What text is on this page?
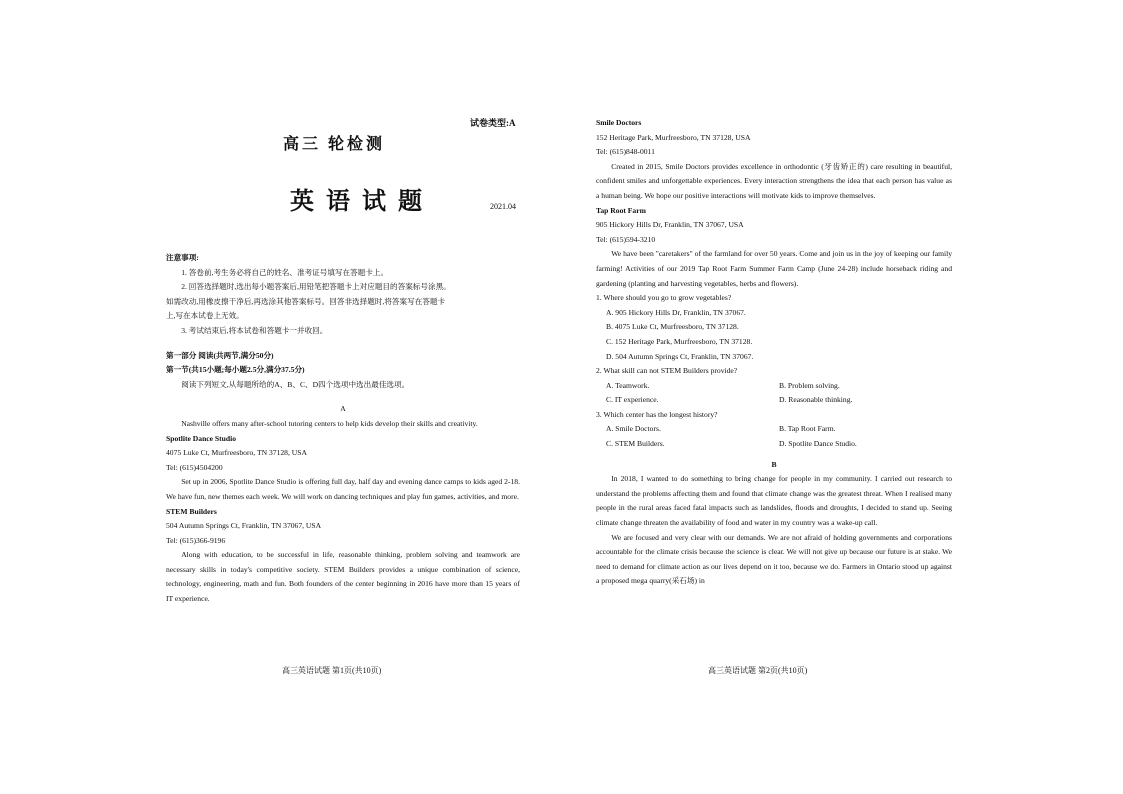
试卷类型:A
高三 轮检测
英语试题	2021.04

注意事项:

1. 答卷前,考生务必将自己的姓名、准考证号填写在答题卡上。

2. 回答选择题时,选出每小题答案后,用铅笔把答题卡上对应题目的答案标号涂黑。

如需改动,用橡皮擦干净后,再选涂其他答案标号。回答非选择题时,将答案写在答题卡

上,写在本试卷上无效。

3. 考试结束后,将本试卷和答题卡一并收回。

第一部分 阅读(共两节,满分50分)

第一节(共15小题;每小题2.5分,满分37.5分)

阅读下列短文,从每题所给的A、B、C、D四个选项中选出最佳选项。

A

Nashville offers many after-school tutoring centers to help kids develop their skills and creativity.

Spotlite Dance Studio

4075 Luke Ct, Murfreesboro, TN 37128, USA

Tel: (615)4504200

Set up in 2006, Spotlite Dance Studio is offering full day, half day and evening dance camps to kids aged 2-18. We have fun, new themes each week. We will work on dancing techniques and play fun games, activities, and more.

STEM Builders

504 Autumn Springs Ct, Franklin, TN 37067, USA

Tel: (615)366-9196

Along with education, to be successful in life, reasonable thinking, problem solving and teamwork are necessary skills in today's competitive society. STEM Builders provides a unique combination of science, technology, engineering, math and fun. Both founders of the center beginning in 2016 have more than 15 years of IT experience.

高三英语试题 第1页(共10页)

Smile Doctors

152 Heritage Park, Murfreesboro, TN 37128, USA

Tel: (615)848-0011

Created in 2015, Smile Doctors provides excellence in orthodontic (牙齿矫正的) care resulting in beautiful, confident smiles and unforgettable experiences. Every interaction strengthens the idea that each person has value as a human being. We hope our positive interactions will motivate kids to improve themselves.

Tap Root Farm

905 Hickory Hills Dr, Franklin, TN 37067, USA

Tel: (615)594-3210

We have been "caretakers" of the farmland for over 50 years. Come and join us in the joy of keeping our family farming! Activities of our 2019 Tap Root Farm Summer Farm Camp (June 24-28) include horseback riding and gardening (planting and harvesting vegetables, herbs and flowers).

1. Where should you go to grow vegetables?

A. 905 Hickory Hills Dr, Franklin, TN 37067.

B. 4075 Luke Ct, Murfreesboro, TN 37128.

C. 152 Heritage Park, Murfreesboro, TN 37128.

D. 504 Autumn Springs Ct, Franklin, TN 37067.

2. What skill can not STEM Builders provide?

A. Teamwork.	B. Problem solving.
C. IT experience.	D. Reasonable thinking.

3. Which center has the longest history?

A. Smile Doctors.	B. Tap Root Farm.
C. STEM Builders.	D. Spotlite Dance Studio.

B

In 2018, I wanted to do something to bring change for people in my community. I carried out research to understand the problems affecting them and found that climate change was the greatest threat. When I realised many people in the rural areas faced fatal impacts such as landslides, floods and droughts, I decided to stand up. Seeing climate change threaten the availability of food and water in my country was a wake-up call.

We are focused and very clear with our demands. We are not afraid of holding governments and corporations accountable for the climate crisis because the science is clear. We will not give up because our future is at stake. We need to demand for climate action as our lives depend on it too, because we do. Farmers in Ontario stood up against a proposed mega quarry(采石场) in

高三英语试题 第2页(共10页)
